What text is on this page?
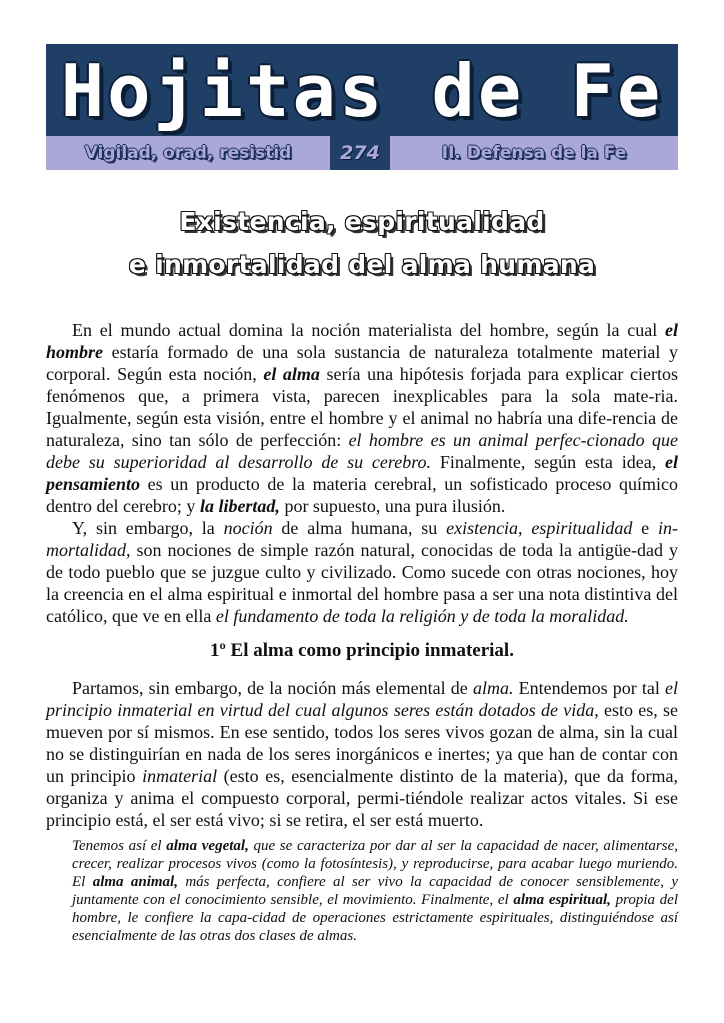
Hojitas de Fe
Vigilad, orad, resistid	274	II. Defensa de la Fe
Existencia, espiritualidad
e inmortalidad del alma humana

En el mundo actual domina la noción materialista del hombre, según la cual el hombre estaría formado de una sola sustancia de naturaleza totalmente material y corporal. Según esta noción, el alma sería una hipótesis forjada para explicar ciertos fenómenos que, a primera vista, parecen inexplicables para la sola mate-ria. Igualmente, según esta visión, entre el hombre y el animal no habría una dife-rencia de naturaleza, sino tan sólo de perfección: el hombre es un animal perfec-cionado que debe su superioridad al desarrollo de su cerebro. Finalmente, según esta idea, el pensamiento es un producto de la materia cerebral, un sofisticado proceso químico dentro del cerebro; y la libertad, por supuesto, una pura ilusión.

Y, sin embargo, la noción de alma humana, su existencia, espiritualidad e in-mortalidad, son nociones de simple razón natural, conocidas de toda la antigüe-dad y de todo pueblo que se juzgue culto y civilizado. Como sucede con otras nociones, hoy la creencia en el alma espiritual e inmortal del hombre pasa a ser una nota distintiva del católico, que ve en ella el fundamento de toda la religión y de toda la moralidad.

1º El alma como principio inmaterial.

Partamos, sin embargo, de la noción más elemental de alma. Entendemos por tal el principio inmaterial en virtud del cual algunos seres están dotados de vida, esto es, se mueven por sí mismos. En ese sentido, todos los seres vivos gozan de alma, sin la cual no se distinguirían en nada de los seres inorgánicos e inertes; ya que han de contar con un principio inmaterial (esto es, esencialmente distinto de la materia), que da forma, organiza y anima el compuesto corporal, permi-tiéndole realizar actos vitales. Si ese principio está, el ser está vivo; si se retira, el ser está muerto.

Tenemos así el alma vegetal, que se caracteriza por dar al ser la capacidad de nacer, alimentarse, crecer, realizar procesos vivos (como la fotosíntesis), y reproducirse, para acabar luego muriendo. El alma animal, más perfecta, confiere al ser vivo la capacidad de conocer sensiblemente, y juntamente con el conocimiento sensible, el movimiento. Finalmente, el alma espiritual, propia del hombre, le confiere la capa-cidad de operaciones estrictamente espirituales, distinguiéndose así esencialmente de las otras dos clases de almas.
